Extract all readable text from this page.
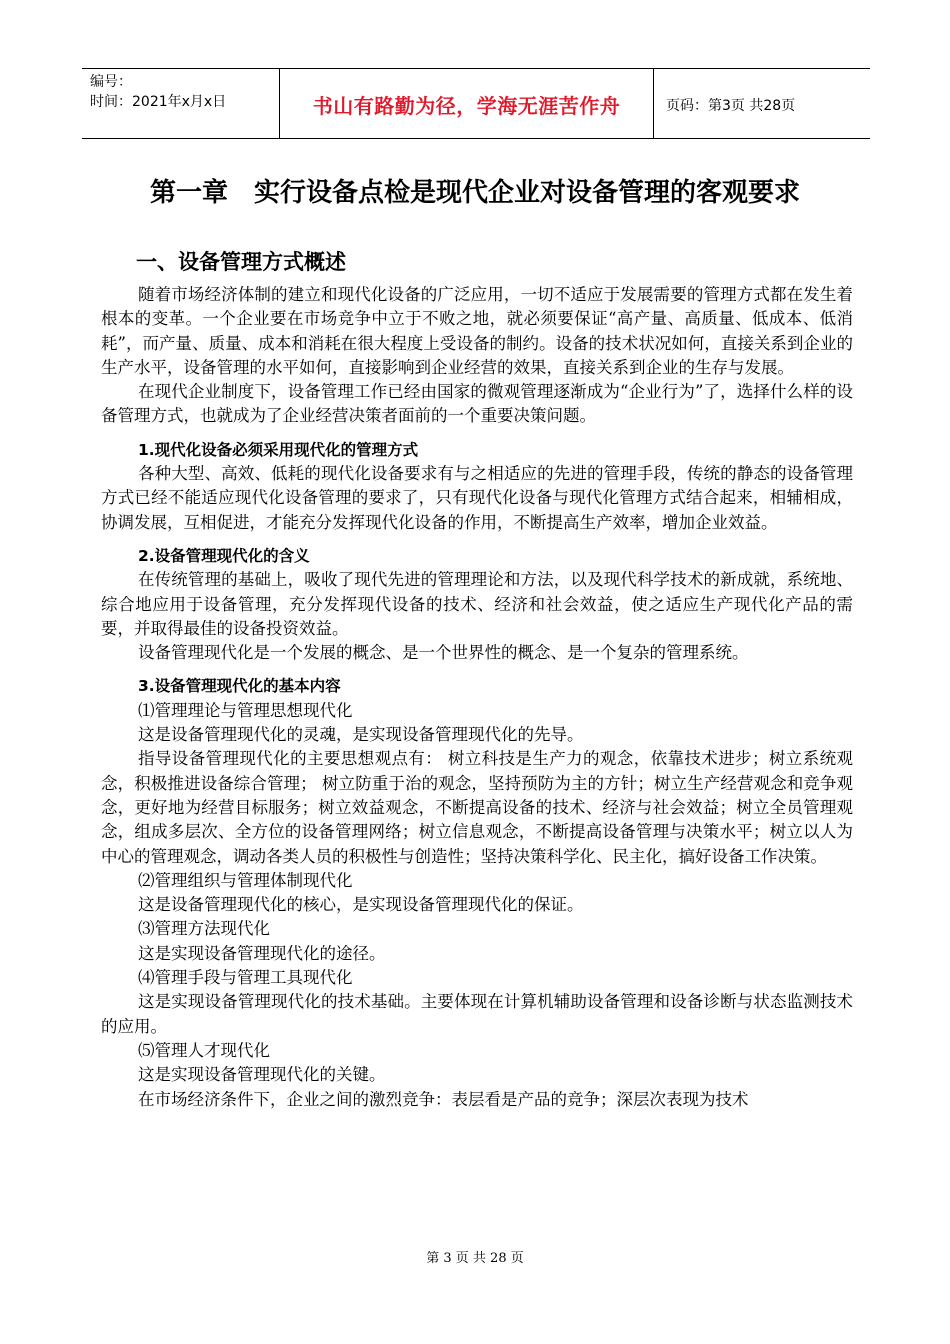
编号：
时间：2021年x月x日	书山有路勤为径，学海无涯苦作舟	页码：第3页 共28页
第一章　实行设备点检是现代企业对设备管理的客观要求
一、设备管理方式概述

随着市场经济体制的建立和现代化设备的广泛应用，一切不适应于发展需要的管理方式都在发生着根本的变革。一个企业要在市场竞争中立于不败之地，就必须要保证“高产量、高质量、低成本、低消耗”，而产量、质量、成本和消耗在很大程度上受设备的制约。设备的技术状况如何，直接关系到企业的生产水平，设备管理的水平如何，直接影响到企业经营的效果，直接关系到企业的生存与发展。

在现代企业制度下，设备管理工作已经由国家的微观管理逐渐成为“企业行为”了，选择什么样的设备管理方式，也就成为了企业经营决策者面前的一个重要决策问题。

1.现代化设备必须采用现代化的管理方式

各种大型、高效、低耗的现代化设备要求有与之相适应的先进的管理手段，传统的静态的设备管理方式已经不能适应现代化设备管理的要求了，只有现代化设备与现代化管理方式结合起来，相辅相成，协调发展，互相促进，才能充分发挥现代化设备的作用，不断提高生产效率，增加企业效益。

2.设备管理现代化的含义

在传统管理的基础上，吸收了现代先进的管理理论和方法，以及现代科学技术的新成就，系统地、综合地应用于设备管理，充分发挥现代设备的技术、经济和社会效益，使之适应生产现代化产品的需要，并取得最佳的设备投资效益。

设备管理现代化是一个发展的概念、是一个世界性的概念、是一个复杂的管理系统。

3.设备管理现代化的基本内容

⑴管理理论与管理思想现代化

这是设备管理现代化的灵魂，是实现设备管理现代化的先导。

指导设备管理现代化的主要思想观点有： 树立科技是生产力的观念，依靠技术进步；树立系统观念，积极推进设备综合管理； 树立防重于治的观念，坚持预防为主的方针；树立生产经营观念和竞争观念，更好地为经营目标服务；树立效益观念，不断提高设备的技术、经济与社会效益；树立全员管理观念，组成多层次、全方位的设备管理网络；树立信息观念，不断提高设备管理与决策水平；树立以人为中心的管理观念，调动各类人员的积极性与创造性；坚持决策科学化、民主化，搞好设备工作决策。

⑵管理组织与管理体制现代化

这是设备管理现代化的核心，是实现设备管理现代化的保证。

⑶管理方法现代化

这是实现设备管理现代化的途径。

⑷管理手段与管理工具现代化

这是实现设备管理现代化的技术基础。主要体现在计算机辅助设备管理和设备诊断与状态监测技术的应用。

⑸管理人才现代化

这是实现设备管理现代化的关键。

在市场经济条件下，企业之间的激烈竞争：表层看是产品的竞争；深层次表现为技术

第 3 页 共 28 页
